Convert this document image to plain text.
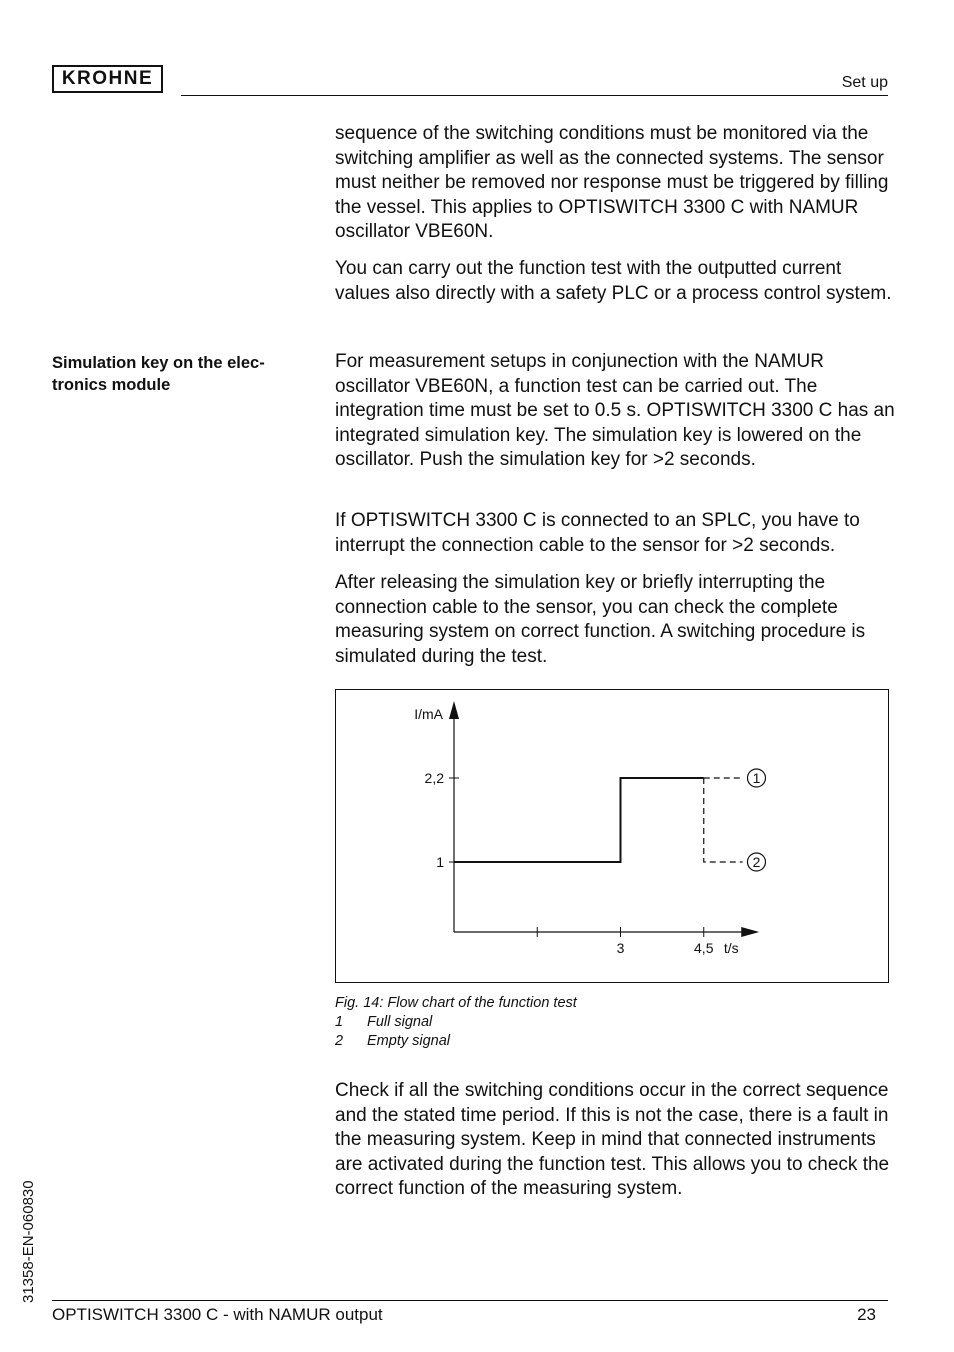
KROHNE	Set up

sequence of the switching conditions must be monitored via the switching amplifier as well as the connected systems. The sensor must neither be removed nor response must be triggered by filling the vessel. This applies to OPTISWITCH 3300 C with NAMUR oscillator VBE60N.

You can carry out the function test with the outputted current values also directly with a safety PLC or a process control system.

Simulation key on the elec- tronics module

For measurement setups in conjunection with the NAMUR oscillator VBE60N, a function test can be carried out. The integration time must be set to 0.5 s. OPTISWITCH 3300 C has an integrated simulation key. The simulation key is lowered on the oscillator. Push the simulation key for >2 seconds.

If OPTISWITCH 3300 C is connected to an SPLC, you have to interrupt the connection cable to the sensor for >2 seconds.

After releasing the simulation key or briefly interrupting the connection cable to the sensor, you can check the complete measuring system on correct function. A switching procedure is simulated during the test.

3	4,5
1
2,2
I/mA
t/s
1
2
Fig. 14: Flow chart of the function test
1	Full signal
2	Empty signal

Check if all the switching conditions occur in the correct sequence and the stated time period. If this is not the case, there is a fault in the measuring system. Keep in mind that connected instruments are activated during the function test. This allows you to check the correct function of the measuring system.

31358-EN-060830
OPTISWITCH 3300 C - with NAMUR output	23
